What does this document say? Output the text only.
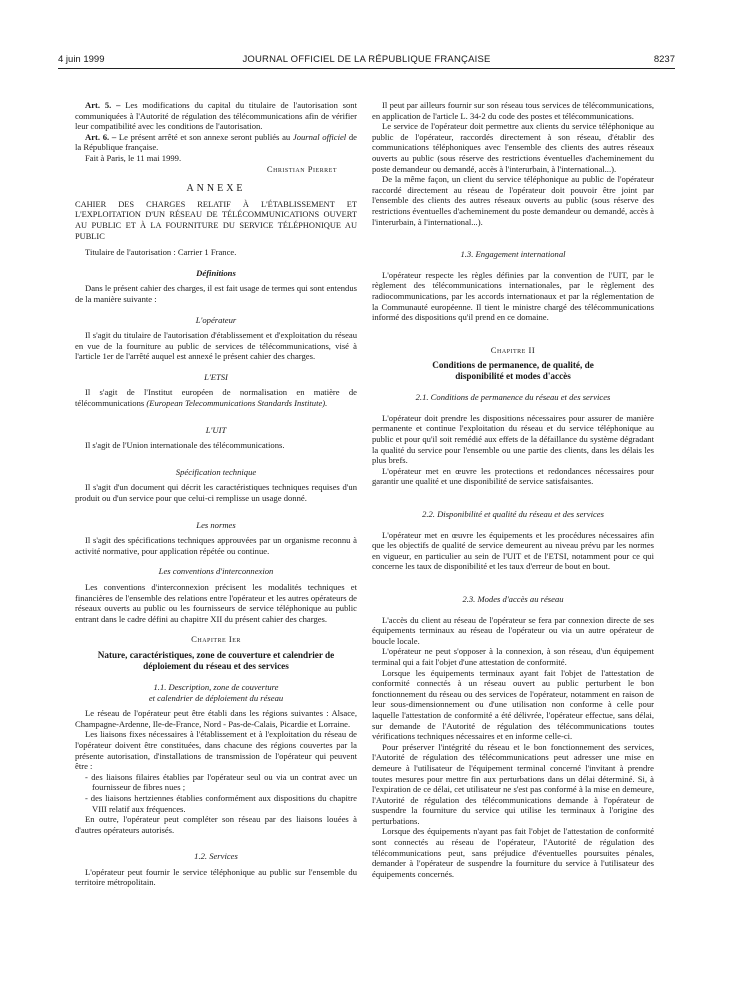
4 juin 1999	JOURNAL OFFICIEL DE LA RÉPUBLIQUE FRANÇAISE	8237

Art. 5. – Les modifications du capital du titulaire de l'autorisation sont communiquées à l'Autorité de régulation des télécommunications afin de vérifier leur compatibilité avec les conditions de l'autorisation.

Art. 6. – Le présent arrêté et son annexe seront publiés au Journal officiel de la République française.

Fait à Paris, le 11 mai 1999.

Christian Pierret

ANNEXE

CAHIER DES CHARGES RELATIF À L'ÉTABLISSEMENT ET L'EXPLOITATION D'UN RÉSEAU DE TÉLÉCOMMUNICATIONS OUVERT AU PUBLIC ET À LA FOURNITURE DU SERVICE TÉLÉPHONIQUE AU PUBLIC

Titulaire de l'autorisation : Carrier 1 France.

Définitions

Dans le présent cahier des charges, il est fait usage de termes qui sont entendus de la manière suivante :

L'opérateur

Il s'agit du titulaire de l'autorisation d'établissement et d'exploitation du réseau en vue de la fourniture au public de services de télécommunications, visé à l'article 1er de l'arrêté auquel est annexé le présent cahier des charges.

L'ETSI

Il s'agit de l'Institut européen de normalisation en matière de télécommunications (European Telecommunications Standards Institute).

L'UIT

Il s'agit de l'Union internationale des télécommunications.

Spécification technique

Il s'agit d'un document qui décrit les caractéristiques techniques requises d'un produit ou d'un service pour que celui-ci remplisse un usage donné.

Les normes

Il s'agit des spécifications techniques approuvées par un organisme reconnu à activité normative, pour application répétée ou continue.

Les conventions d'interconnexion

Les conventions d'interconnexion précisent les modalités techniques et financières de l'ensemble des relations entre l'opérateur et les autres opérateurs de réseaux ouverts au public ou les fournisseurs de service téléphonique au public entrant dans le cadre défini au chapitre XII du présent cahier des charges.

Chapitre Ier

Nature, caractéristiques, zone de couverture et calendrier de déploiement du réseau et des services

1.1. Description, zone de couverture

et calendrier de déploiement du réseau

Le réseau de l'opérateur peut être établi dans les régions suivantes : Alsace, Champagne-Ardenne, Ile-de-France, Nord - Pas-de-Calais, Picardie et Lorraine.

Les liaisons fixes nécessaires à l'établissement et à l'exploitation du réseau de l'opérateur doivent être constituées, dans chacune des régions couvertes par la présente autorisation, d'installations de transmission de l'opérateur qui peuvent être :

- des liaisons filaires établies par l'opérateur seul ou via un contrat avec un fournisseur de fibres nues ;
- des liaisons hertziennes établies conformément aux dispositions du chapitre VIII relatif aux fréquences.

En outre, l'opérateur peut compléter son réseau par des liaisons louées à d'autres opérateurs autorisés.

1.2. Services

L'opérateur peut fournir le service téléphonique au public sur l'ensemble du territoire métropolitain.

Il peut par ailleurs fournir sur son réseau tous services de télécommunications, en application de l'article L. 34-2 du code des postes et télécommunications.

Le service de l'opérateur doit permettre aux clients du service téléphonique au public de l'opérateur, raccordés directement à son réseau, d'établir des communications téléphoniques avec l'ensemble des clients des autres réseaux ouverts au public (sous réserve des restrictions éventuelles d'acheminement du poste demandeur ou demandé, accès à l'interurbain, à l'international...).

De la même façon, un client du service téléphonique au public de l'opérateur raccordé directement au réseau de l'opérateur doit pouvoir être joint par l'ensemble des clients des autres réseaux ouverts au public (sous réserve des restrictions éventuelles d'acheminement du poste demandeur ou demandé, accès à l'interurbain, à l'international...).

1.3. Engagement international

L'opérateur respecte les règles définies par la convention de l'UIT, par le règlement des télécommunications internationales, par le règlement des radiocommunications, par les accords internationaux et par la réglementation de la Communauté européenne. Il tient le ministre chargé des télécommunications informé des dispositions qu'il prend en ce domaine.

Chapitre II

Conditions de permanence, de qualité, de disponibilité et modes d'accès

2.1. Conditions de permanence du réseau et des services

L'opérateur doit prendre les dispositions nécessaires pour assurer de manière permanente et continue l'exploitation du réseau et du service téléphonique au public et pour qu'il soit remédié aux effets de la défaillance du système dégradant la qualité du service pour l'ensemble ou une partie des clients, dans les délais les plus brefs.

L'opérateur met en œuvre les protections et redondances nécessaires pour garantir une qualité et une disponibilité de service satisfaisantes.

2.2. Disponibilité et qualité du réseau et des services

L'opérateur met en œuvre les équipements et les procédures nécessaires afin que les objectifs de qualité de service demeurent au niveau prévu par les normes en vigueur, en particulier au sein de l'UIT et de l'ETSI, notamment pour ce qui concerne les taux de disponibilité et les taux d'erreur de bout en bout.

2.3. Modes d'accès au réseau

L'accès du client au réseau de l'opérateur se fera par connexion directe de ses équipements terminaux au réseau de l'opérateur ou via un autre opérateur de boucle locale.

L'opérateur ne peut s'opposer à la connexion, à son réseau, d'un équipement terminal qui a fait l'objet d'une attestation de conformité.

Lorsque les équipements terminaux ayant fait l'objet de l'attestation de conformité connectés à un réseau ouvert au public perturbent le bon fonctionnement du réseau ou des services de l'opérateur, notamment en raison de leur sous-dimensionnement ou d'une utilisation non conforme à celle pour laquelle l'attestation de conformité a été délivrée, l'opérateur effectue, sans délai, sur demande de l'Autorité de régulation des télécommunications toutes vérifications techniques nécessaires et en informe celle-ci.

Pour préserver l'intégrité du réseau et le bon fonctionnement des services, l'Autorité de régulation des télécommunications peut adresser une mise en demeure à l'utilisateur de l'équipement terminal concerné l'invitant à prendre toutes mesures pour mettre fin aux perturbations dans un délai déterminé. Si, à l'expiration de ce délai, cet utilisateur ne s'est pas conformé à la mise en demeure, l'Autorité de régulation des télécommunications demande à l'opérateur de suspendre la fourniture du service qui utilise les terminaux à l'origine des perturbations.

Lorsque des équipements n'ayant pas fait l'objet de l'attestation de conformité sont connectés au réseau de l'opérateur, l'Autorité de régulation des télécommunications peut, sans préjudice d'éventuelles poursuites pénales, demander à l'opérateur de suspendre la fourniture du service à l'utilisateur des équipements concernés.
